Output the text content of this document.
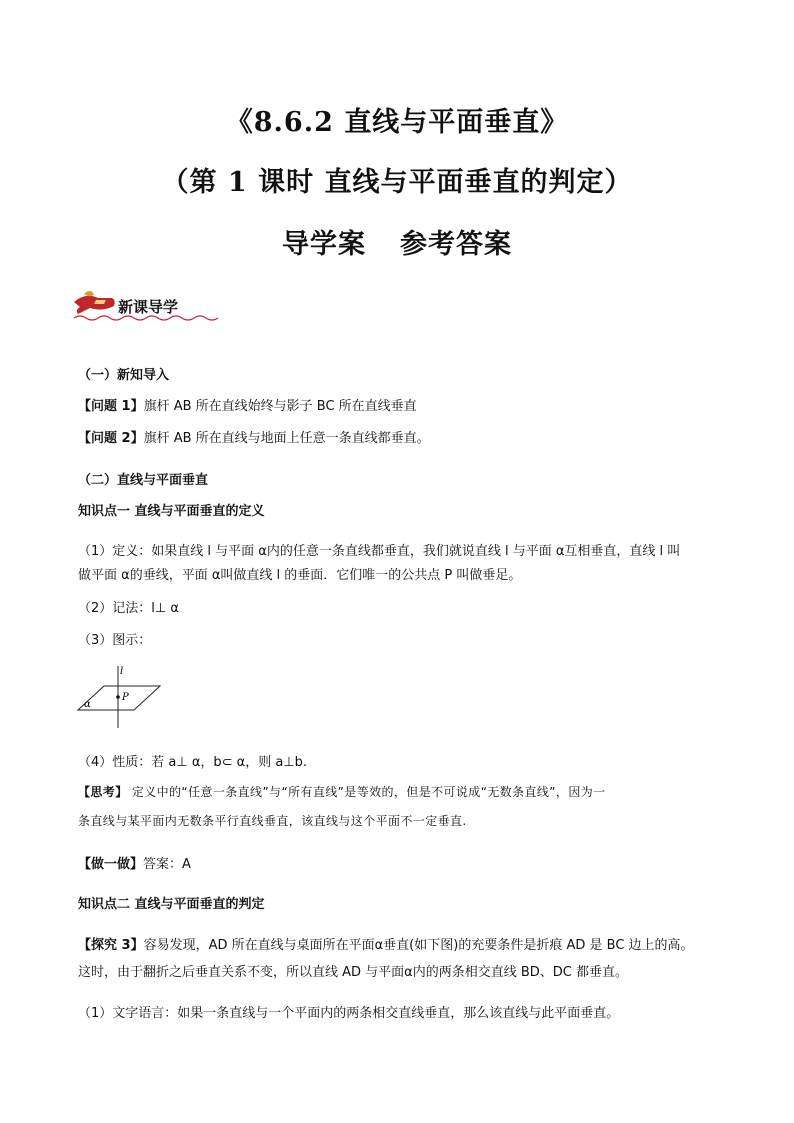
《8.6.2 直线与平面垂直》
（第 1 课时 直线与平面垂直的判定）
导学案 参考答案
新课导学
（一）新知导入
【问题 1】旗杆 AB 所在直线始终与影子 BC 所在直线垂直
【问题 2】旗杆 AB 所在直线与地面上任意一条直线都垂直。
（二）直线与平面垂直
知识点一 直线与平面垂直的定义
（1）定义：如果直线 l 与平面 α内的任意一条直线都垂直，我们就说直线 l 与平面 α互相垂直，直线 l 叫
做平面 α的垂线，平面 α叫做直线 l 的垂面．它们唯一的公共点 P 叫做垂足。
（2）记法：l⊥ α
（3）图示：
l
P
α
（4）性质：若 a⊥ α，b⊂ α，则 a⊥b.
【思考】 定义中的“任意一条直线”与“所有直线”是等效的，但是不可说成“无数条直线”，因为一
条直线与某平面内无数条平行直线垂直，该直线与这个平面不一定垂直.
【做一做】答案：A
知识点二 直线与平面垂直的判定
【探究 3】容易发现，AD 所在直线与桌面所在平面α垂直(如下图)的充要条件是折痕 AD 是 BC 边上的高。
这时，由于翻折之后垂直关系不变，所以直线 AD 与平面α内的两条相交直线 BD、DC 都垂直。
（1）文字语言：如果一条直线与一个平面内的两条相交直线垂直，那么该直线与此平面垂直。
